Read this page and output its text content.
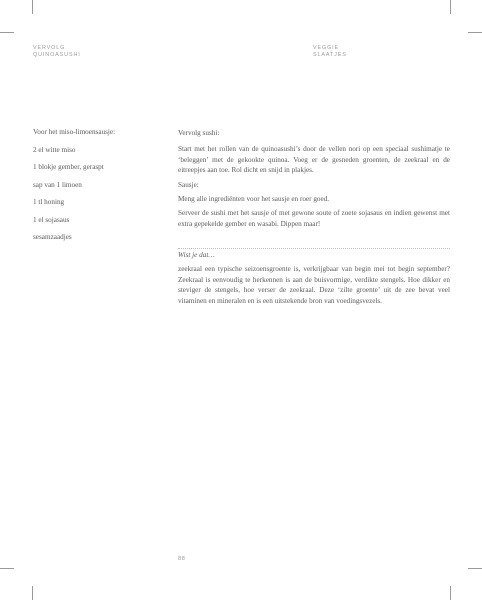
VERVOLG
QUINOASUSHI
VEGGIE
SLAATJES

Voor het miso-limoensausje:

2 el witte miso

1 blokje gember, geraspt

sap van 1 limoen

1 tl honing

1 el sojasaus

sesamzaadjes

Vervolg sushi:

Start met het rollen van de quinoasushi’s door de vellen nori op een speciaal sushimatje te ‘beleggen’ met de gekookte quinoa. Voeg er de gesneden groenten, de zeekraal en de eitreepjes aan toe. Rol dicht en snijd in plakjes.

Sausje:

Meng alle ingrediënten voor het sausje en roer goed.

Serveer de sushi met het sausje of met gewone soute of zoete sojasaus en indien gewenst met extra gepekelde gember en wasabi. Dippen maar!

Wist je dat…

zeekraal een typische seizoensgroente is, verkrijgbaar van begin mei tot begin september? Zeekraal is eenvoudig te herkennen is aan de buisvormige, verdikte stengels. Hoe dikker en steviger de stengels, hoe verser de zeekraal. Deze ‘zilte groente’ uit de zee bevat veel vitaminen en mineralen en is een uitstekende bron van voedingsvezels.

88
